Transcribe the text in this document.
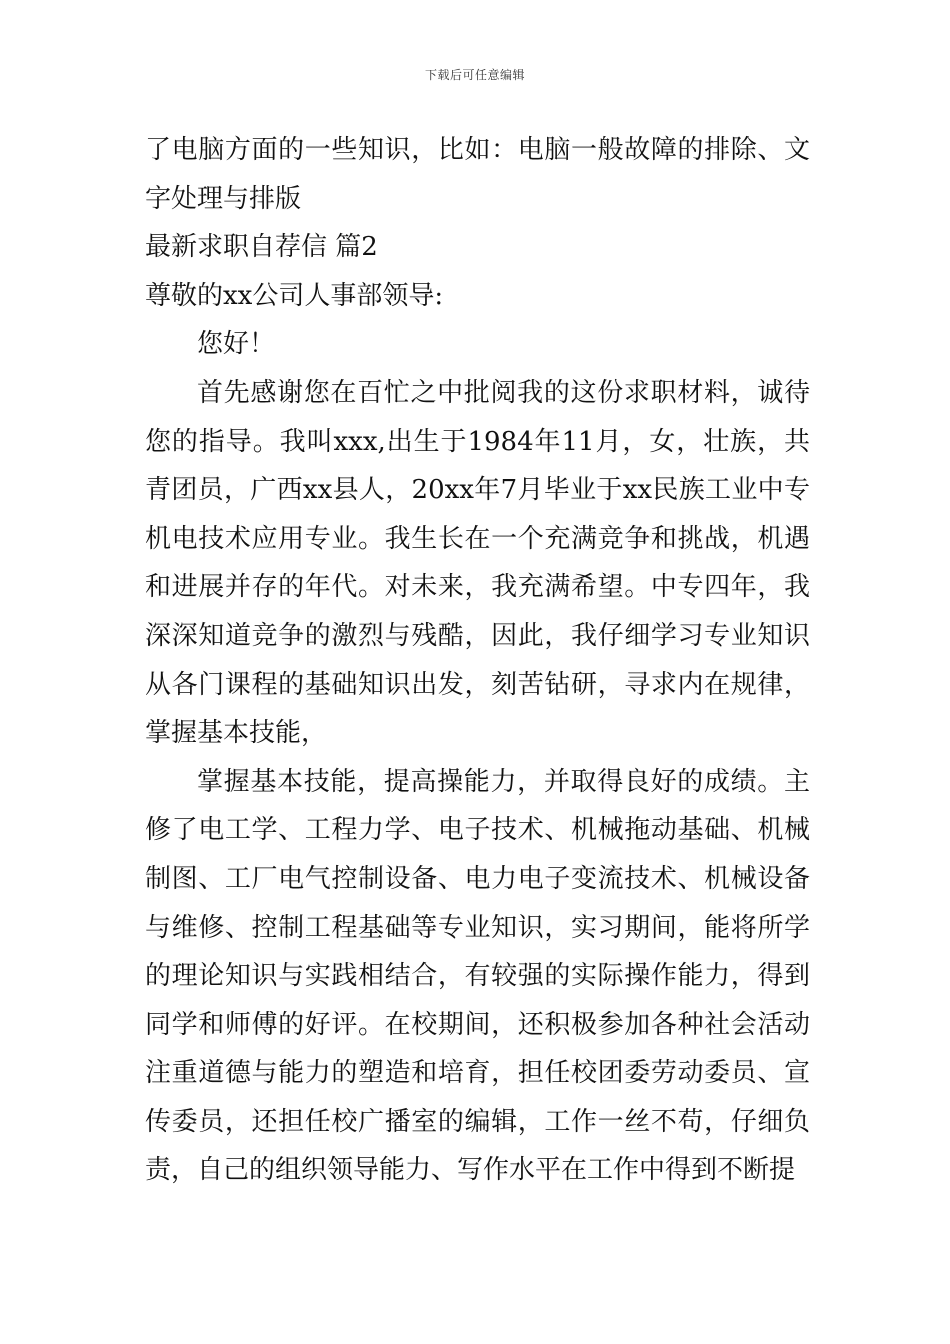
下载后可任意编辑

了电脑方面的一些知识，比如：电脑一般故障的排除、文字处理与排版

最新求职自荐信 篇2

尊敬的xx公司人事部领导:

您好！

首先感谢您在百忙之中批阅我的这份求职材料，诚待您的指导。我叫xxx,出生于1984年11月，女，壮族，共青团员，广西xx县人，20xx年7月毕业于xx民族工业中专机电技术应用专业。我生长在一个充满竞争和挑战，机遇和进展并存的年代。对未来，我充满希望。中专四年，我深深知道竞争的激烈与残酷，因此，我仔细学习专业知识从各门课程的基础知识出发，刻苦钻研，寻求内在规律，掌握基本技能，

掌握基本技能，提高操能力，并取得良好的成绩。主修了电工学、工程力学、电子技术、机械拖动基础、机械制图、工厂电气控制设备、电力电子变流技术、机械设备与维修、控制工程基础等专业知识，实习期间，能将所学的理论知识与实践相结合，有较强的实际操作能力，得到同学和师傅的好评。在校期间，还积极参加各种社会活动注重道德与能力的塑造和培育，担任校团委劳动委员、宣传委员，还担任校广播室的编辑，工作一丝不苟，仔细负责，自己的组织领导能力、写作水平在工作中得到不断提
